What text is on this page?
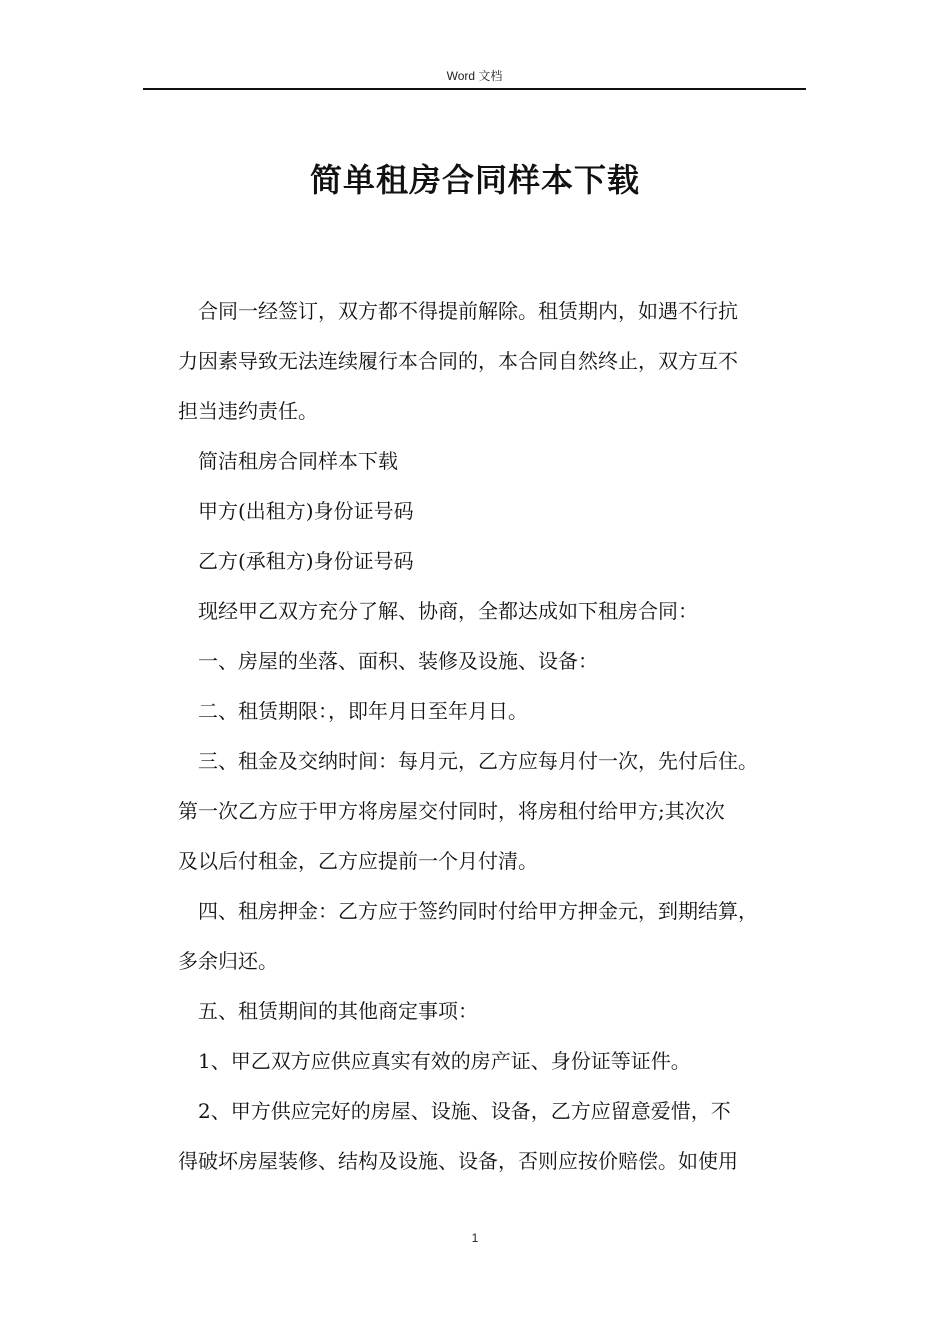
Word 文档
简单租房合同样本下载

合同一经签订，双方都不得提前解除。租赁期内，如遇不行抗
力因素导致无法连续履行本合同的，本合同自然终止，双方互不
担当违约责任。

简洁租房合同样本下载

甲方(出租方)身份证号码

乙方(承租方)身份证号码

现经甲乙双方充分了解、协商，全都达成如下租房合同：

一、房屋的坐落、面积、装修及设施、设备：

二、租赁期限：，即年月日至年月日。

三、租金及交纳时间：每月元，乙方应每月付一次，先付后住。
第一次乙方应于甲方将房屋交付同时，将房租付给甲方;其次次
及以后付租金，乙方应提前一个月付清。

四、租房押金：乙方应于签约同时付给甲方押金元，到期结算，
多余归还。

五、租赁期间的其他商定事项：

1、甲乙双方应供应真实有效的房产证、身份证等证件。

2、甲方供应完好的房屋、设施、设备，乙方应留意爱惜，不
得破坏房屋装修、结构及设施、设备，否则应按价赔偿。如使用

1
